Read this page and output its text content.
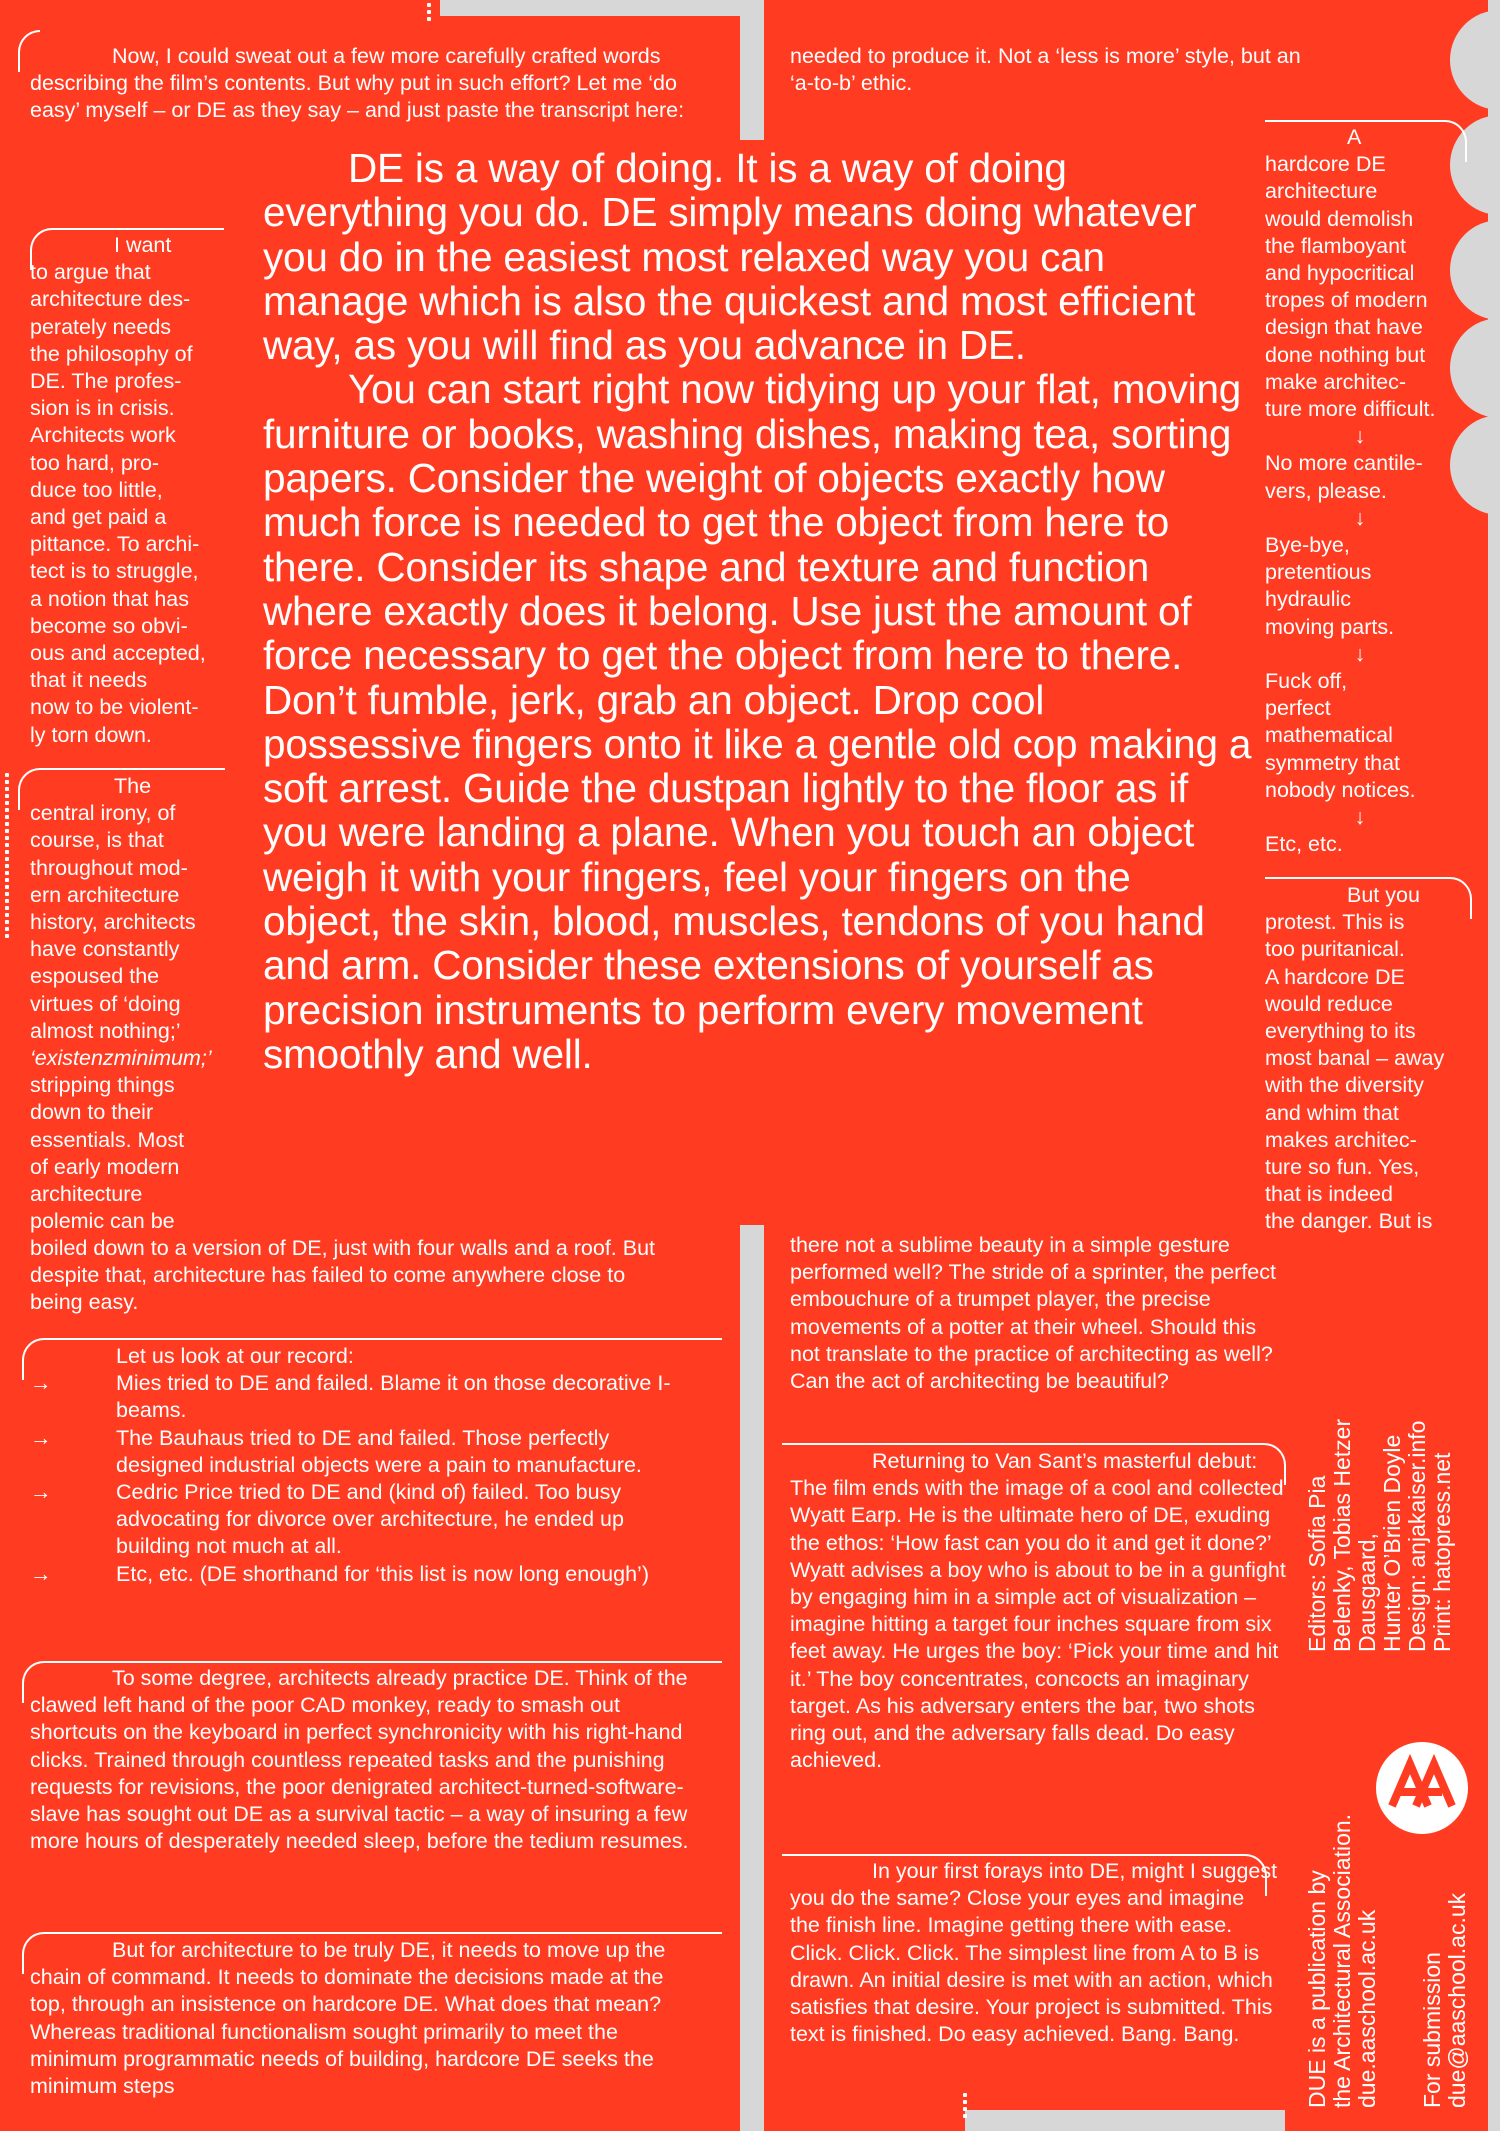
Now, I could sweat out a few more carefully crafted words describing the film’s contents. But why put in such effort? Let me ‘do easy’ myself – or DE as they say – and just paste the transcript here:

I want
to argue that
architecture des-
perately needs
the philosophy of
DE. The profes-
sion is in crisis.
Architects work
too hard, pro-
duce too little,
and get paid a
pittance. To archi-
tect is to struggle,
a notion that has
become so obvi-
ous and accepted,
that it needs
now to be violent-
ly torn down.
The
central irony, of
course, is that
throughout mod-
ern architecture
history, architects
have constantly
espoused the
virtues of ‘doing
almost nothing;’
‘existenzminimum;’
stripping things
down to their
essentials. Most
of early modern
architecture
polemic can be

boiled down to a version of DE, just with four walls and a roof. But despite that, architecture has failed to come anywhere close to being easy.

Let us look at our record:
→	Mies tried to DE and failed. Blame it on those decorative I-beams.
→	The Bauhaus tried to DE and failed. Those perfectly designed industrial objects were a pain to manufacture.
→	Cedric Price tried to DE and (kind of) failed. Too busy advocating for divorce over architecture, he ended up building not much at all.
→	Etc, etc. (DE shorthand for ‘this list is now long enough’)

To some degree, architects already practice DE. Think of the clawed left hand of the poor CAD monkey, ready to smash out shortcuts on the keyboard in perfect synchronicity with his right-hand clicks. Trained through countless repeated tasks and the punishing requests for revisions, the poor denigrated architect-turned-software-slave has sought out DE as a survival tactic – a way of insuring a few more hours of desperately needed sleep, before the tedium resumes.

But for architecture to be truly DE, it needs to move up the chain of command. It needs to dominate the decisions made at the top, through an insistence on hardcore DE. What does that mean? Whereas traditional functionalism sought primarily to meet the minimum programmatic needs of building, hardcore DE seeks the minimum steps

needed to produce it. Not a ‘less is more’ style, but an ‘a-to-b’ ethic.

there not a sublime beauty in a simple gesture performed well? The stride of a sprinter, the perfect embouchure of a trumpet player, the precise movements of a potter at their wheel. Should this not translate to the practice of architecting as well? Can the act of architecting be beautiful?

Returning to Van Sant’s masterful debut: The film ends with the image of a cool and collected Wyatt Earp. He is the ultimate hero of DE, exuding the ethos: ‘How fast can you do it and get it done?’ Wyatt advises a boy who is about to be in a gunfight by engaging him in a simple act of visualization – imagine hitting a target four inches square from six feet away. He urges the boy: ‘Pick your time and hit it.’ The boy concentrates, concocts an imaginary target. As his adversary enters the bar, two shots ring out, and the adversary falls dead. Do easy achieved.

In your first forays into DE, might I suggest you do the same? Close your eyes and imagine the finish line. Imagine getting there with ease. Click. Click. Click. The simplest line from A to B is drawn. An initial desire is met with an action, which satisfies that desire. Your project is submitted. This text is finished. Do easy achieved. Bang. Bang.

DE is a way of doing. It is a way of doing everything you do. DE simply means doing whatever you do in the easiest most relaxed way you can manage which is also the quickest and most efficient way, as you will find as you advance in DE.

You can start right now tidying up your flat, moving furniture or books, washing dishes, making tea, sorting papers. Consider the weight of objects exactly how much force is needed to get the object from here to there. Consider its shape and texture and function where exactly does it belong. Use just the amount of force necessary to get the object from here to there. Don’t fumble, jerk, grab an object. Drop cool possessive fingers onto it like a gentle old cop making a soft arrest. Guide the dustpan lightly to the floor as if you were landing a plane. When you touch an object weigh it with your fingers, feel your fingers on the object, the skin, blood, muscles, tendons of you hand and arm. Consider these extensions of yourself as precision instruments to perform every movement smoothly and well.

A
hardcore DE
architecture
would demolish
the flamboyant
and hypocritical
tropes of modern
design that have
done nothing but
make architec-
ture more difficult.
↓
No more cantile-
vers, please.
↓
Bye-bye,
pretentious
hydraulic
moving parts.
↓
Fuck off,
perfect
mathematical
symmetry that
nobody notices.
↓
Etc, etc.
But you
protest. This is
too puritanical.
A hardcore DE
would reduce
everything to its
most banal – away
with the diversity
and whim that
makes architec-
ture so fun. Yes,
that is indeed
the danger. But is
Editors: Sofia Pia Belenky, Tobias Hetzer Dausgaard, Hunter O’Brien Doyle Design: anjakaiser.info Print: hatopress.net
DUE is a publication by the Architectural Association. due.aaschool.ac.uk For submission due@aaschool.ac.uk
